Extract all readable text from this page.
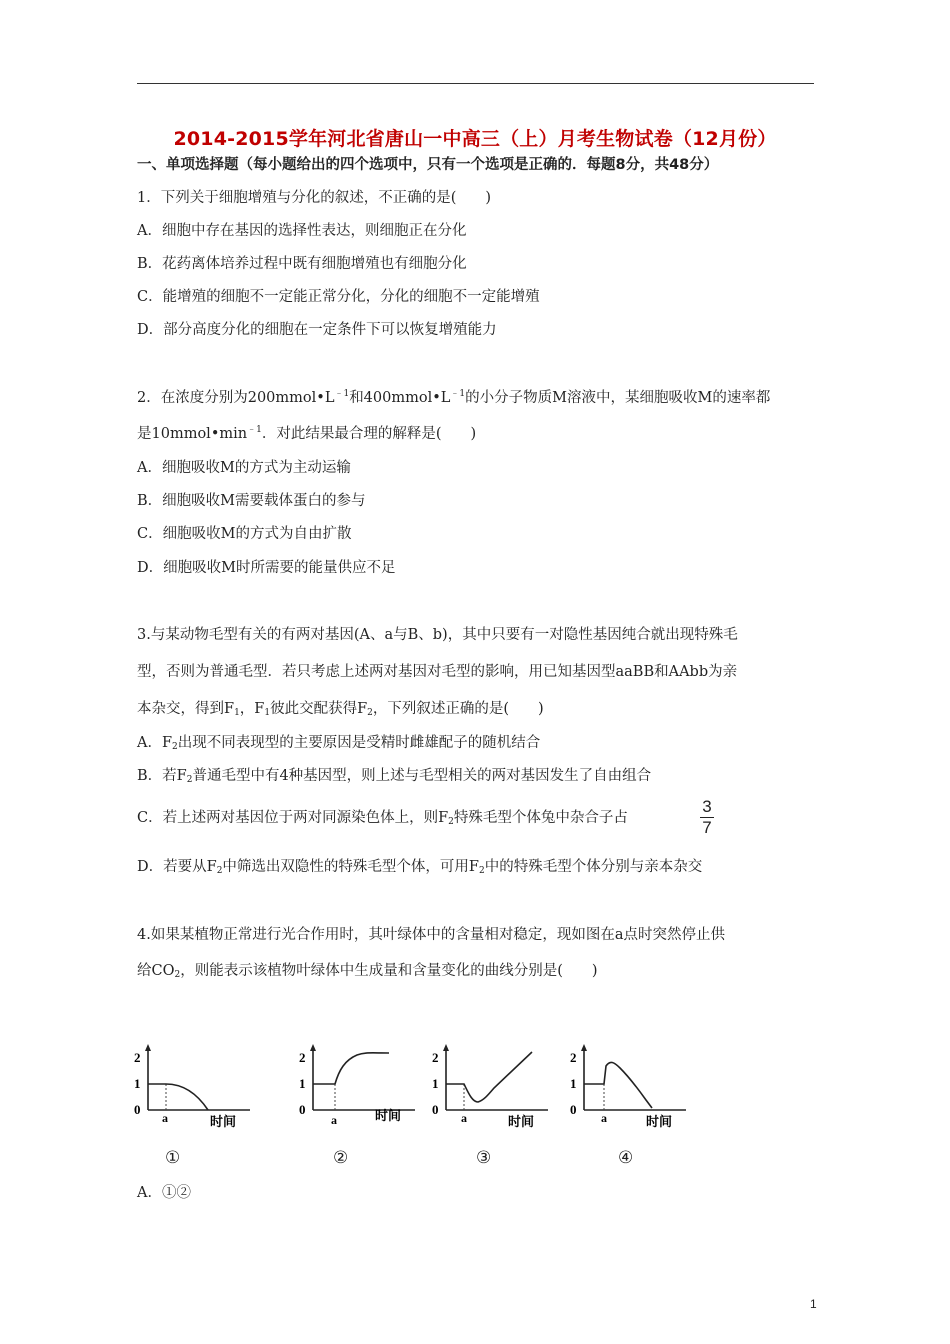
2014-2015学年河北省唐山一中高三（上）月考生物试卷（12月份）
一、单项选择题（每小题给出的四个选项中，只有一个选项是正确的．每题8分，共48分）
1．下列关于细胞增殖与分化的叙述，不正确的是(　　)
A．细胞中存在基因的选择性表达，则细胞正在分化
B．花药离体培养过程中既有细胞增殖也有细胞分化
C．能增殖的细胞不一定能正常分化，分化的细胞不一定能增殖
D．部分高度分化的细胞在一定条件下可以恢复增殖能力
2．在浓度分别为$200mmol•L^{﹣1}$和$400mmol•L^{﹣1}$的小分子物质M溶液中，某细胞吸收M的速率都
是$10mmol•\min^{﹣1}$．对此结果最合理的解释是(　　)
A．细胞吸收M的方式为主动运输
B．细胞吸收M需要载体蛋白的参与
C．细胞吸收M的方式为自由扩散
D．细胞吸收M时所需要的能量供应不足
3.与某动物毛型有关的有两对基因(A、a与B、b)，其中只要有一对隐性基因纯合就出现特殊毛
型，否则为普通毛型．若只考虑上述两对基因对毛型的影响，用已知基因型aaBB和AAbb为亲
本杂交，得到$F_1$，$F_1$彼此交配获得$F_2$，下列叙述正确的是(　　)
A．$F_2$出现不同表现型的主要原因是受精时雌雄配子的随机结合
B．若$F_2$普通毛型中有4种基因型，则上述与毛型相关的两对基因发生了自由组合
C．若上述两对基因位于两对同源染色体上，则$F_2$特殊毛型个体兔中杂合子占
3
7
D．若要从$F_2$中筛选出双隐性的特殊毛型个体，可用$F_2$中的特殊毛型个体分别与亲本杂交
4.如果某植物正常进行光合作用时，其叶绿体中的含量相对稳定，现如图在a点时突然停止供
给$CO_2$，则能表示该植物叶绿体中生成量和含量变化的曲线分别是(　　)
2
1
0
a	时间
2
1
0
a	时间
2
1
0
a	时间
2
1
0
a	时间
①	②	③	④
A．①②
1
